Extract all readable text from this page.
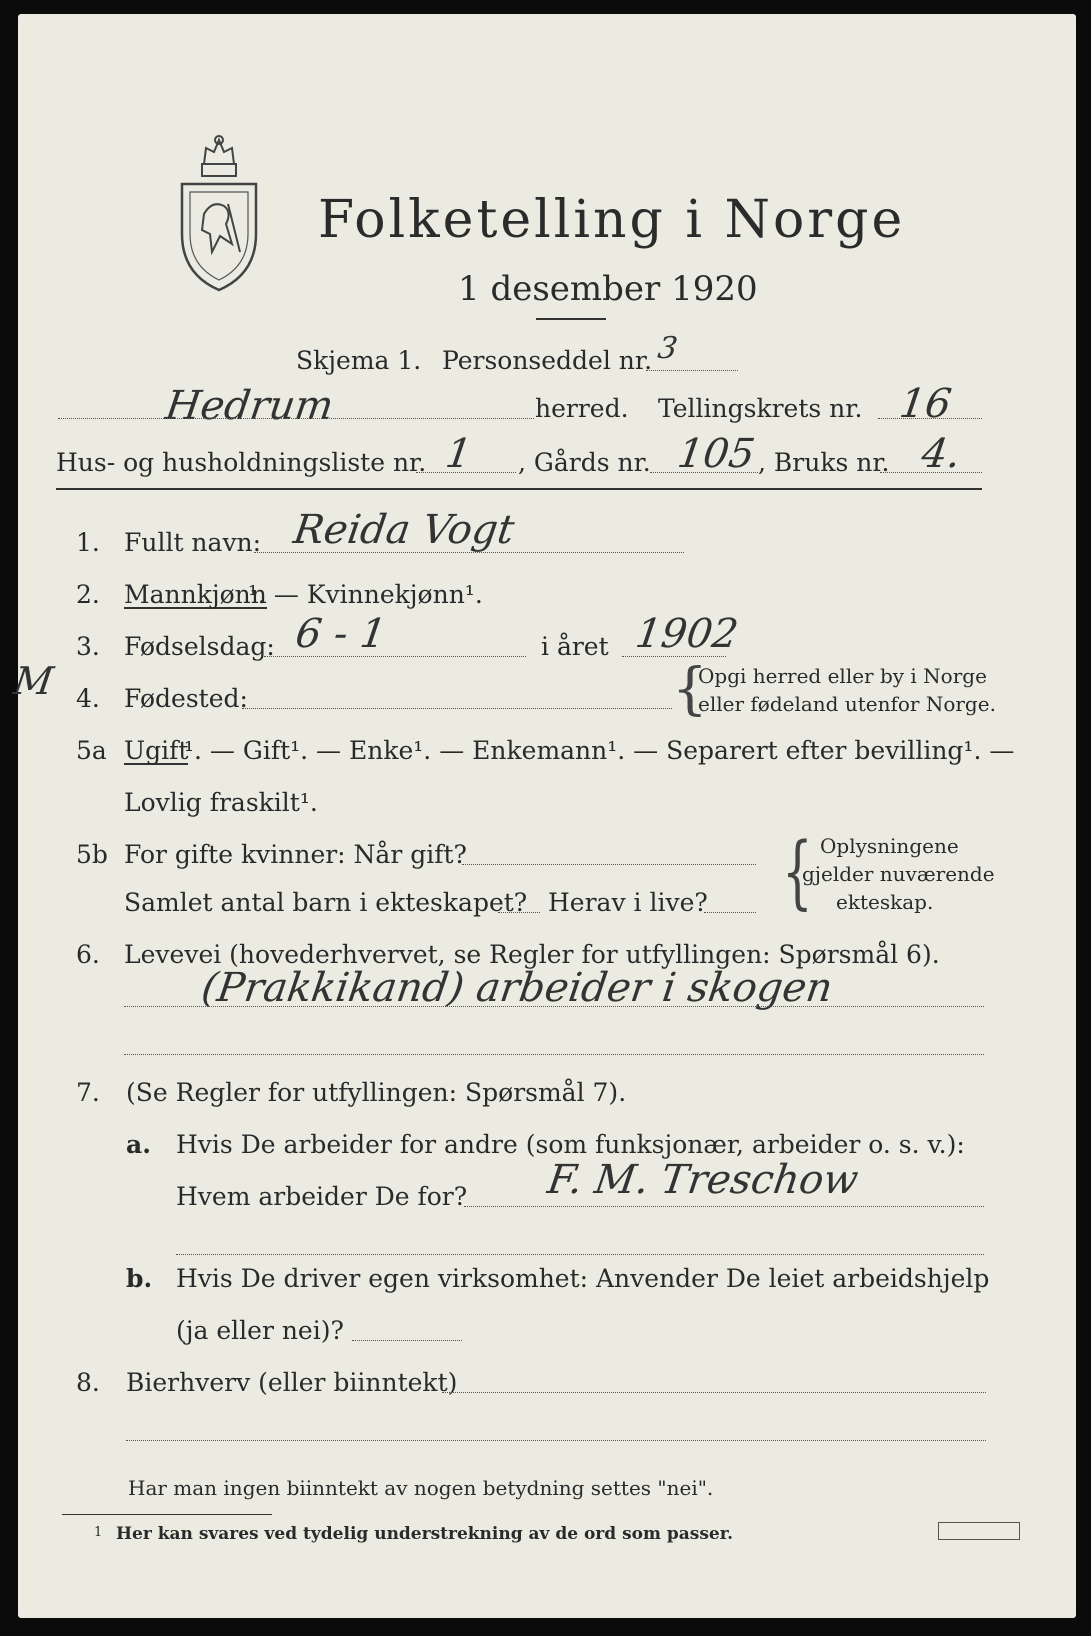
Folketelling i Norge
1 desember 1920
Skjema 1. Personseddel nr. 3
Hedrum	herred. Tellingskrets nr. 16
Hus- og husholdningsliste nr. 1 , Gårds nr. 105 , Bruks nr. 4.
1. Fullt navn: Reida Vogt
2. Mannkjønn
¹. — Kvinnekjønn¹.
3. Fødselsdag: 6 - 1	i året 1902
M 4. Fødested:	{
Opgi herred eller by i Norge
eller fødeland utenfor Norge.
5a Ugift
¹. — Gift¹. — Enke¹. — Enkemann¹. — Separert efter bevilling¹. —
Lovlig fraskilt¹.
5b For gifte kvinner: Når gift?
Samlet antal barn i ekteskapet? Herav i live? { Oplysningene
gjelder nuværende
ekteskap.
6. Levevei (hovederhvervet, se Regler for utfyllingen: Spørsmål 6).
(Prakkikand) arbeider i skogen
7. (Se Regler for utfyllingen: Spørsmål 7).
a. Hvis De arbeider for andre (som funksjonær, arbeider o. s. v.):
Hvem arbeider De for? F. M. Treschow
b. Hvis De driver egen virksomhet: Anvender De leiet arbeidshjelp
(ja eller nei)?
8. Bierhverv (eller biinntekt)
Har man ingen biinntekt av nogen betydning settes "nei".
1 Her kan svares ved tydelig understrekning av de ord som passer.
